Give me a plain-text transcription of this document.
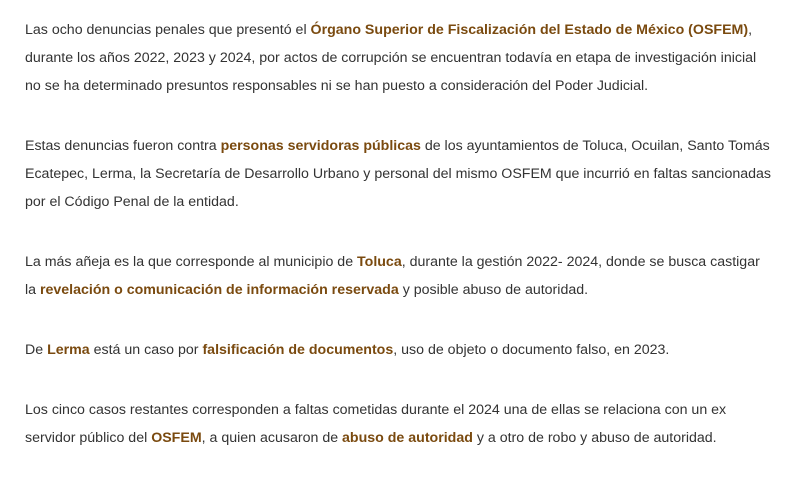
Las ocho denuncias penales que presentó el Órgano Superior de Fiscalización del Estado de México (OSFEM),
durante los años 2022, 2023 y 2024, por actos de corrupción se encuentran todavía en etapa de investigación inicial
no se ha determinado presuntos responsables ni se han puesto a consideración del Poder Judicial.

Estas denuncias fueron contra personas servidoras públicas de los ayuntamientos de Toluca, Ocuilan, Santo Tomás
Ecatepec, Lerma, la Secretaría de Desarrollo Urbano y personal del mismo OSFEM que incurrió en faltas sancionadas
por el Código Penal de la entidad.

La más añeja es la que corresponde al municipio de Toluca, durante la gestión 2022- 2024, donde se busca castigar
la revelación o comunicación de información reservada y posible abuso de autoridad.

De Lerma está un caso por falsificación de documentos, uso de objeto o documento falso, en 2023.

Los cinco casos restantes corresponden a faltas cometidas durante el 2024 una de ellas se relaciona con un ex
servidor público del OSFEM, a quien acusaron de abuso de autoridad y a otro de robo y abuso de autoridad.
